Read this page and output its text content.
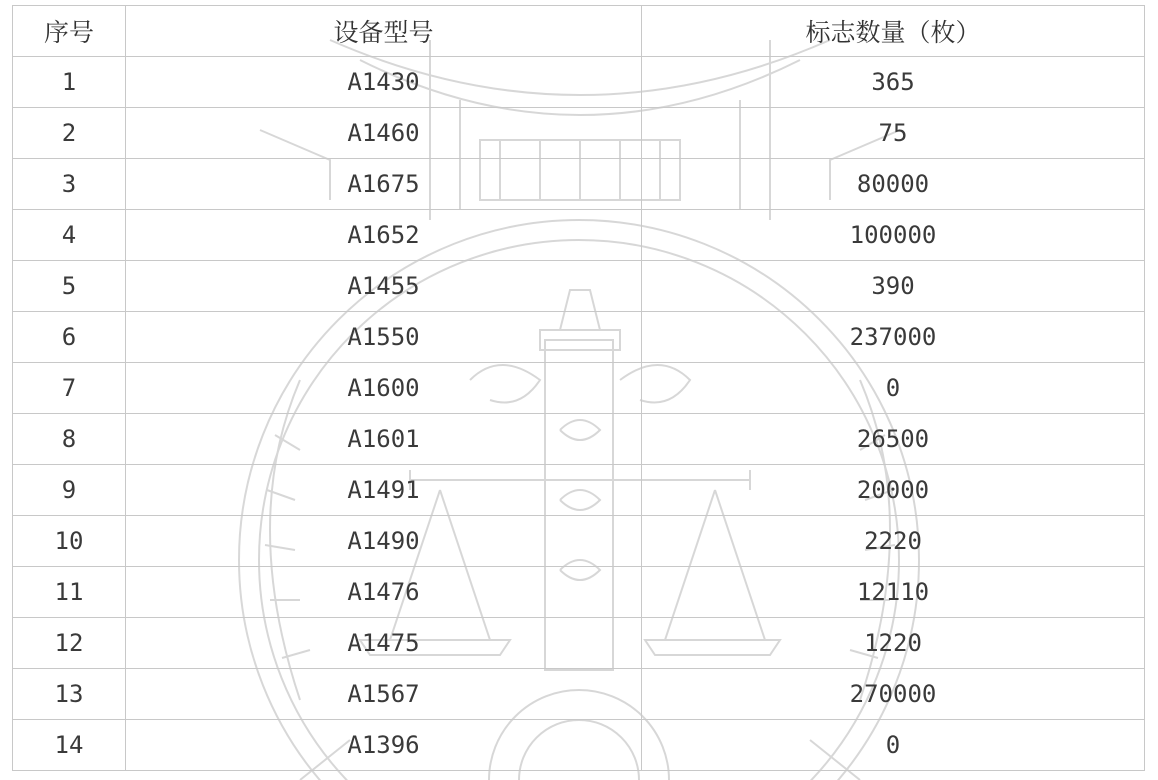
序号	设备型号	标志数量（枚）
1	A1430	365
2	A1460	75
3	A1675	80000
4	A1652	100000
5	A1455	390
6	A1550	237000
7	A1600	0
8	A1601	26500
9	A1491	20000
10	A1490	2220
11	A1476	12110
12	A1475	1220
13	A1567	270000
14	A1396	0
